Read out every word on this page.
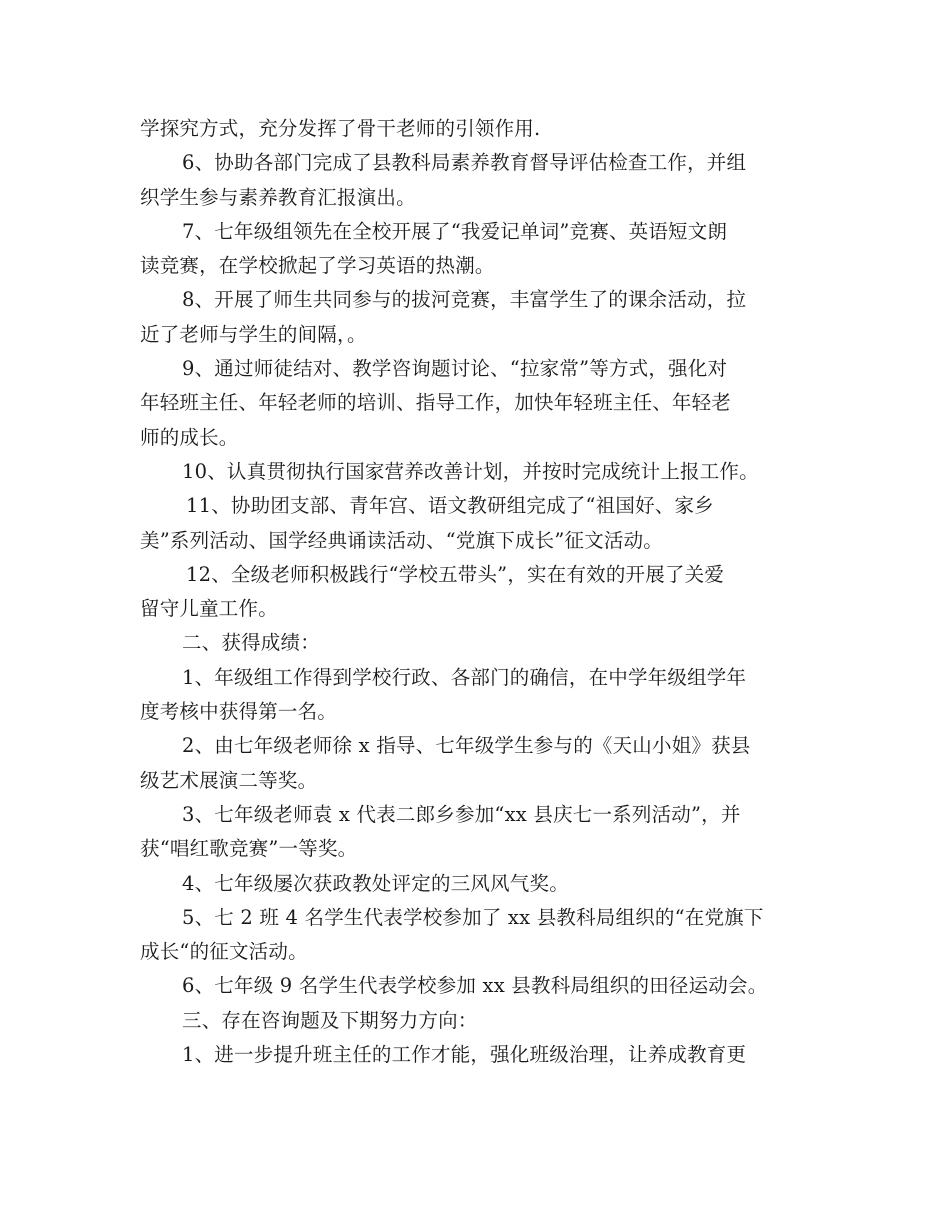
学探究方式，充分发挥了骨干老师的引领作用.
6、协助各部门完成了县教科局素养教育督导评估检查工作，并组
织学生参与素养教育汇报演出。
7、七年级组领先在全校开展了“我爱记单词”竞赛、英语短文朗
读竞赛，在学校掀起了学习英语的热潮。
8、开展了师生共同参与的拔河竞赛，丰富学生了的课余活动，拉
近了老师与学生的间隔，。
9、通过师徒结对、教学咨询题讨论、“拉家常”等方式，强化对
年轻班主任、年轻老师的培训、指导工作，加快年轻班主任、年轻老
师的成长。
10、认真贯彻执行国家营养改善计划，并按时完成统计上报工作。
11、协助团支部、青年宫、语文教研组完成了“祖国好、家乡
美”系列活动、国学经典诵读活动、“党旗下成长”征文活动。
12、全级老师积极践行“学校五带头”，实在有效的开展了关爱
留守儿童工作。
二、获得成绩：
1、年级组工作得到学校行政、各部门的确信，在中学年级组学年
度考核中获得第一名。
2、由七年级老师徐 x 指导、七年级学生参与的《天山小姐》获县
级艺术展演二等奖。
3、七年级老师袁 x 代表二郎乡参加“xx 县庆七一系列活动”，并
获“唱红歌竞赛”一等奖。
4、七年级屡次获政教处评定的三风风气奖。
5、七 2 班 4 名学生代表学校参加了 xx 县教科局组织的“在党旗下
成长“的征文活动。
6、七年级 9 名学生代表学校参加 xx 县教科局组织的田径运动会。
三、存在咨询题及下期努力方向：
1、进一步提升班主任的工作才能，强化班级治理，让养成教育更
